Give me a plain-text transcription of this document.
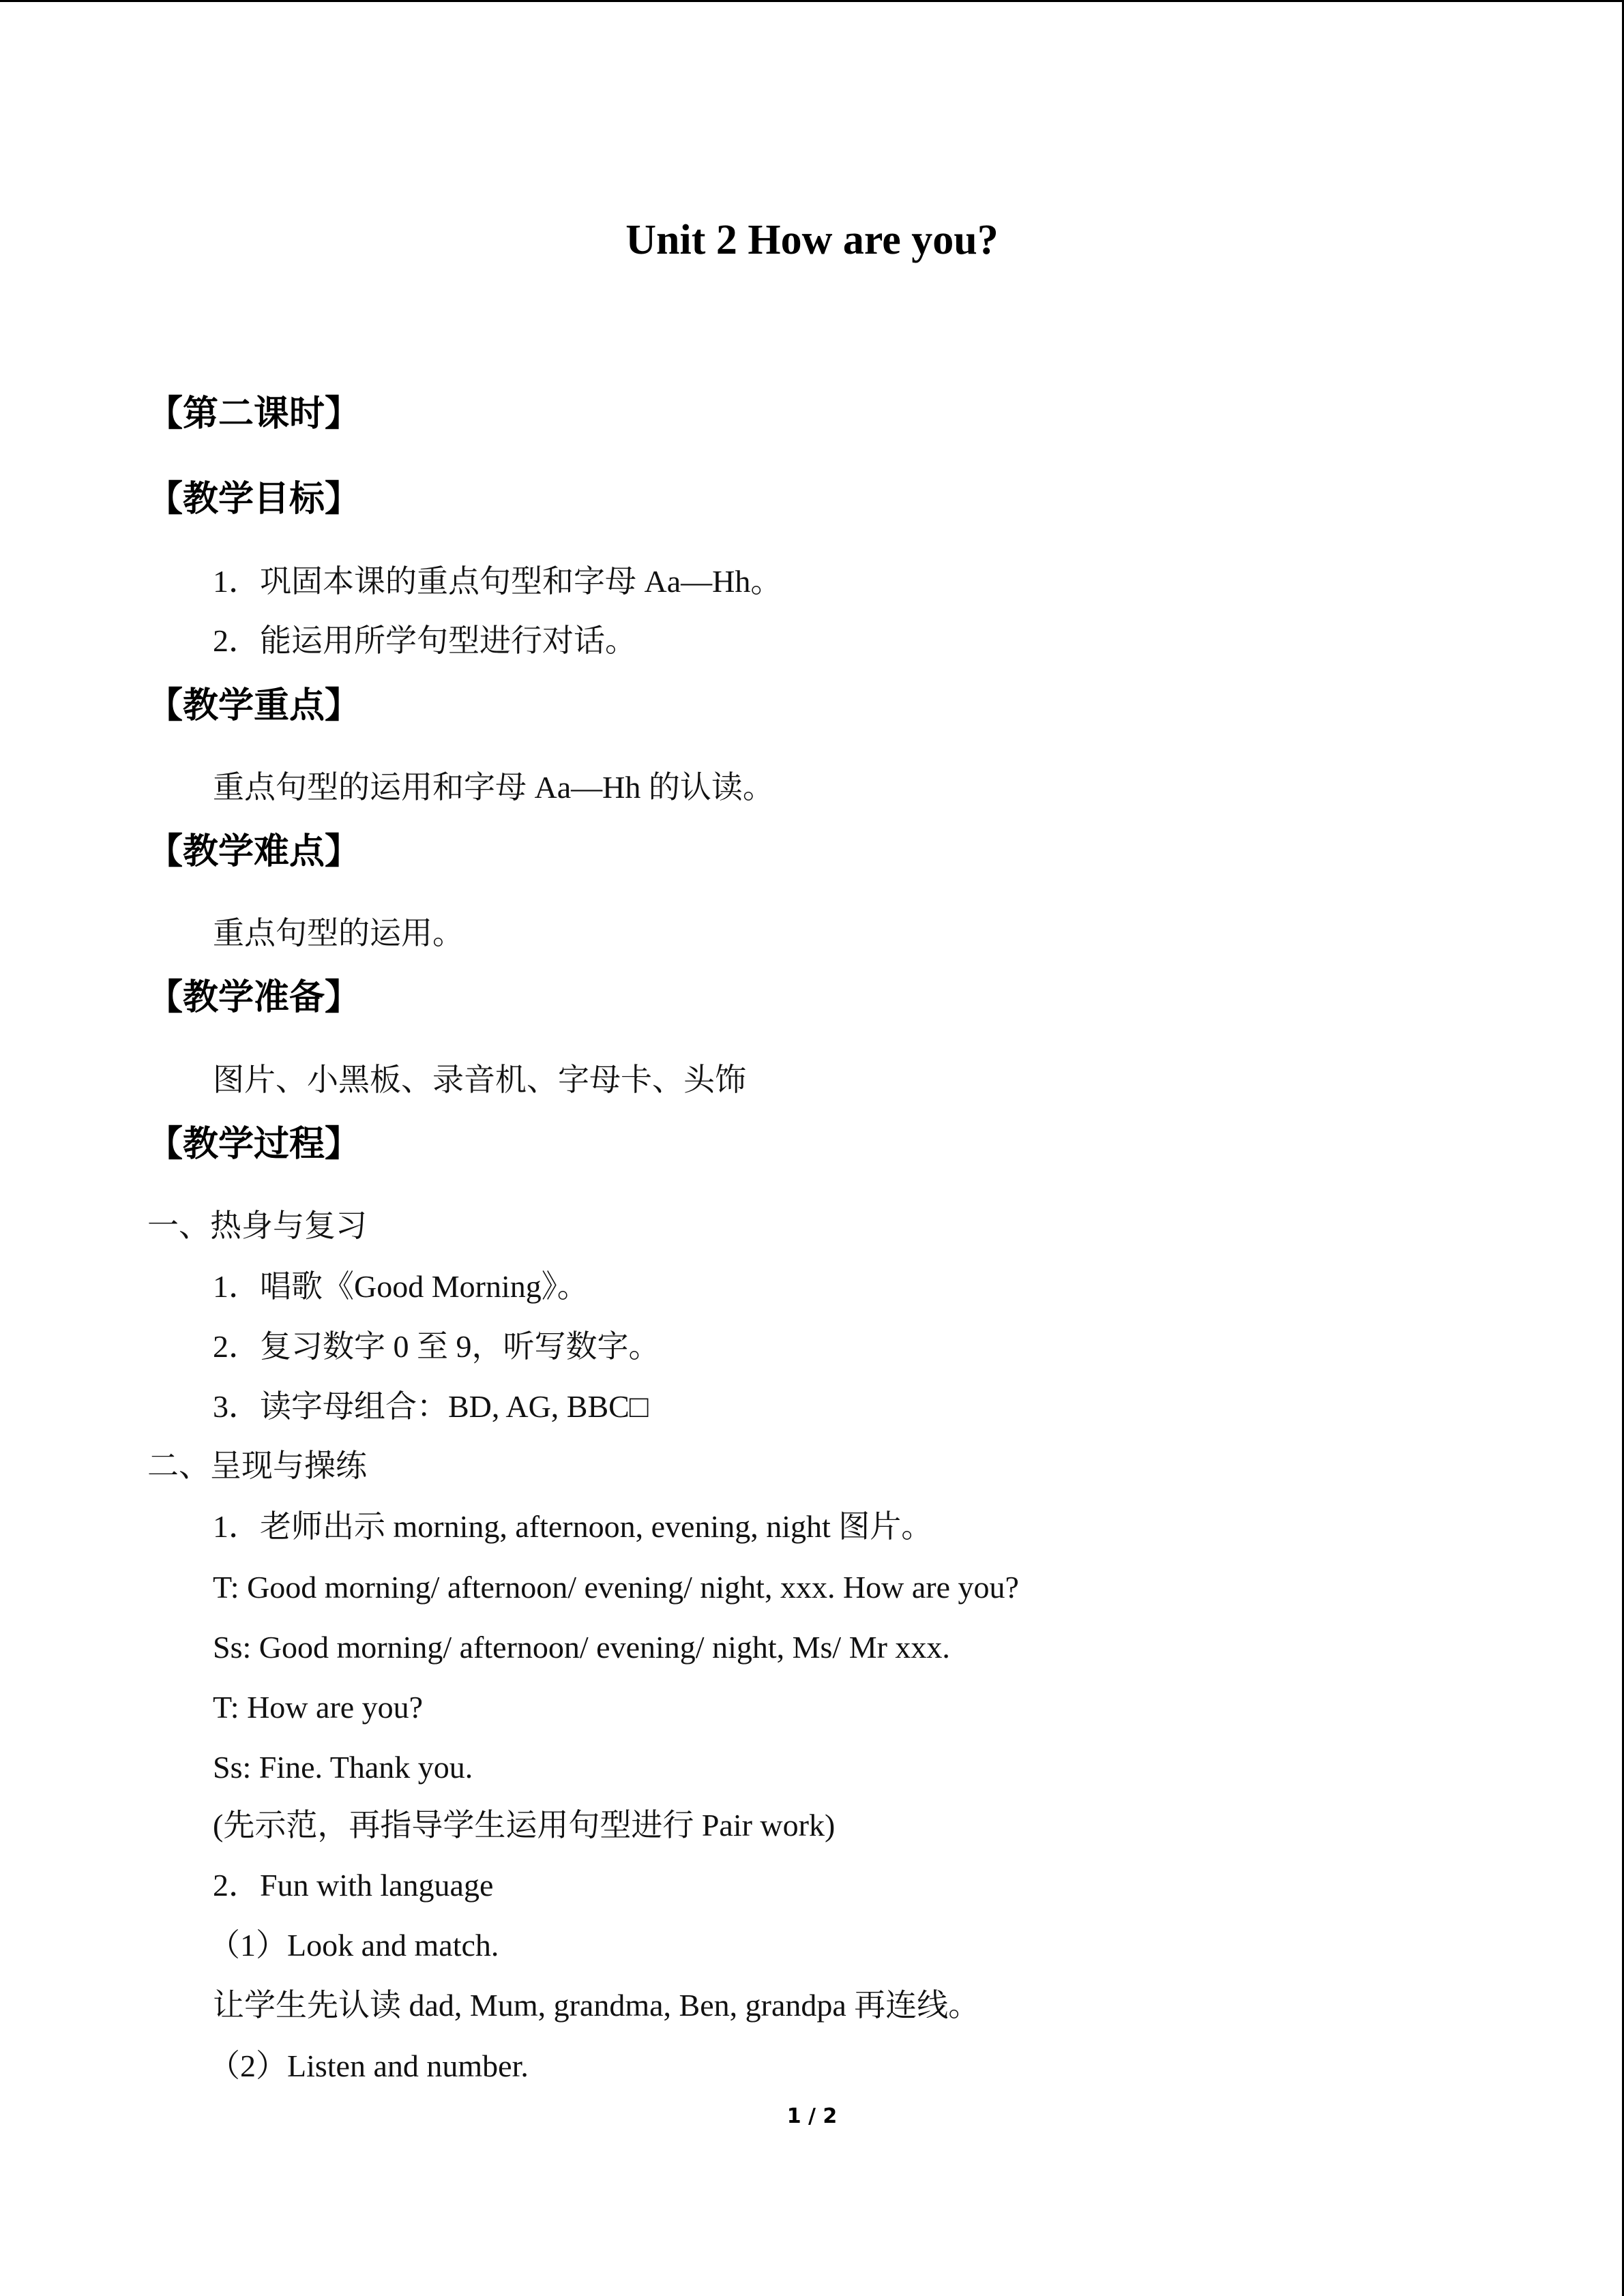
Unit 2 How are you?
【第二课时】
【教学目标】
1．巩固本课的重点句型和字母 Aa—Hh。
2．能运用所学句型进行对话。
【教学重点】
重点句型的运用和字母 Aa—Hh 的认读。
【教学难点】
重点句型的运用。
【教学准备】
图片、小黑板、录音机、字母卡、头饰
【教学过程】
一、热身与复习
1．唱歌《Good Morning》。
2．复习数字 0 至 9，听写数字。
3．读字母组合：BD, AG, BBC□
二、呈现与操练
1．老师出示 morning, afternoon, evening, night 图片。
T: Good morning/ afternoon/ evening/ night, xxx. How are you?
Ss: Good morning/ afternoon/ evening/ night, Ms/ Mr xxx.
T: How are you?
Ss: Fine. Thank you.
(先示范，再指导学生运用句型进行 Pair work)
2．Fun with language
（1）Look and match.
让学生先认读 dad, Mum, grandma, Ben, grandpa 再连线。
（2）Listen and number.
1 / 2
